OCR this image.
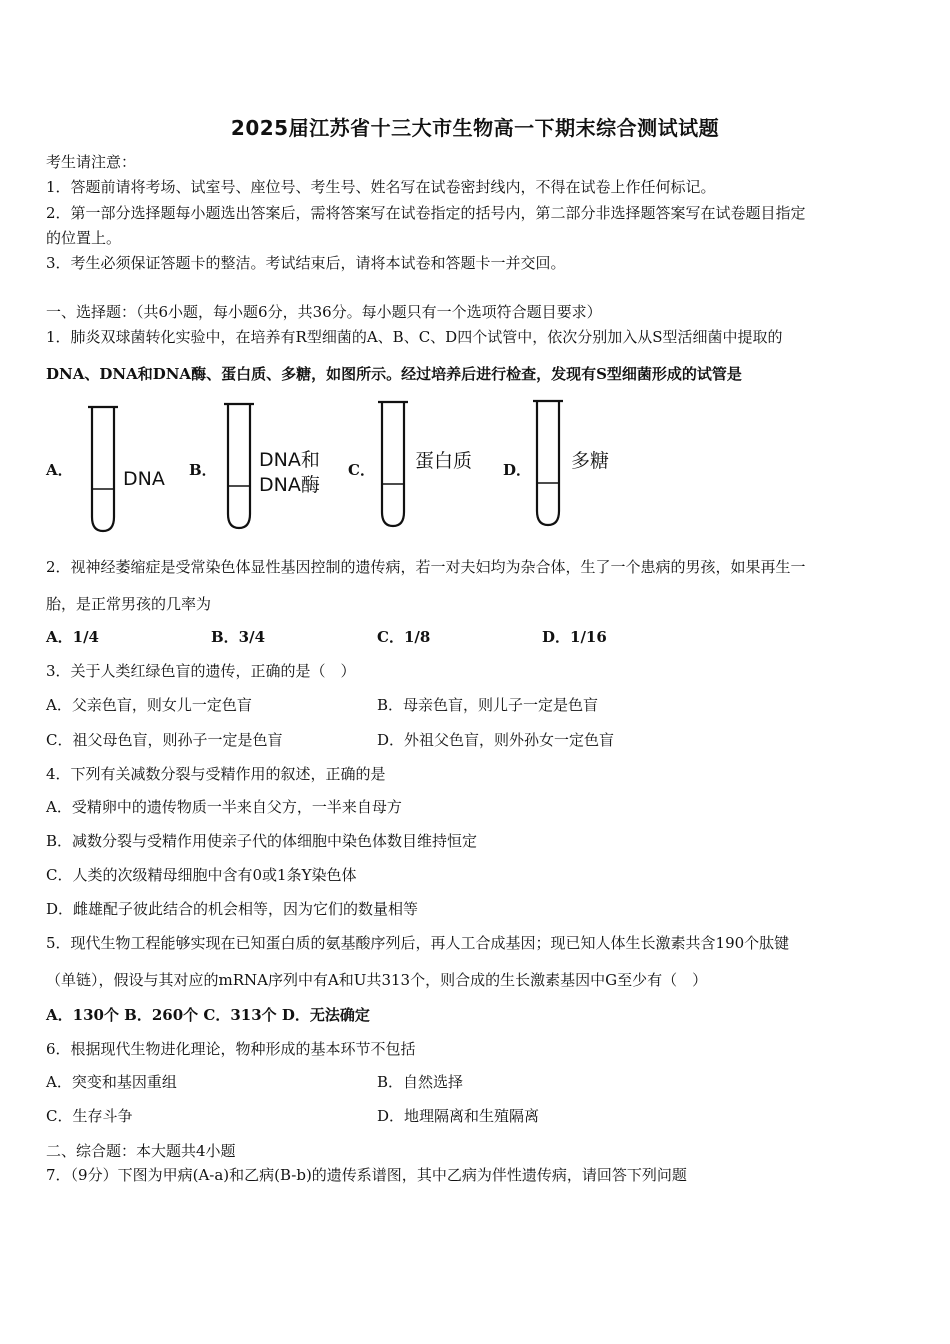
2025届江苏省十三大市生物高一下期末综合测试试题
考生请注意：
1．答题前请将考场、试室号、座位号、考生号、姓名写在试卷密封线内，不得在试卷上作任何标记。
2．第一部分选择题每小题选出答案后，需将答案写在试卷指定的括号内，第二部分非选择题答案写在试卷题目指定
的位置上。
3．考生必须保证答题卡的整洁。考试结束后，请将本试卷和答题卡一并交回。
一、选择题：（共6小题，每小题6分，共36分。每小题只有一个选项符合题目要求）
1．肺炎双球菌转化实验中，在培养有R型细菌的A、B、C、D四个试管中，依次分别加入从S型活细菌中提取的
DNA、DNA和DNA酶、蛋白质、多糖，如图所示。经过培养后进行检查，发现有S型细菌形成的试管是
A．	DNA B． DNA和
DNA酶
C． 蛋白质 D． 多糖
2．视神经萎缩症是受常染色体显性基因控制的遗传病，若一对夫妇均为杂合体，生了一个患病的男孩，如果再生一
胎，是正常男孩的几率为
A．1/4	B．3/4	C．1/8	D．1/16
3．关于人类红绿色盲的遗传，正确的是（　）
A．父亲色盲，则女儿一定色盲	B．母亲色盲，则儿子一定是色盲
C．祖父母色盲，则孙子一定是色盲	D．外祖父色盲，则外孙女一定色盲
4．下列有关减数分裂与受精作用的叙述，正确的是
A．受精卵中的遗传物质一半来自父方，一半来自母方
B．减数分裂与受精作用使亲子代的体细胞中染色体数目维持恒定
C．人类的次级精母细胞中含有0或1条Y染色体
D．雌雄配子彼此结合的机会相等，因为它们的数量相等
5．现代生物工程能够实现在已知蛋白质的氨基酸序列后，再人工合成基因；现已知人体生长激素共含190个肽键
（单链），假设与其对应的mRNA序列中有A和U共313个，则合成的生长激素基因中G至少有（　）
A．130个 B．260个 C．313个 D．无法确定
6．根据现代生物进化理论，物种形成的基本环节不包括
A．突变和基因重组	B．自然选择
C．生存斗争	D．地理隔离和生殖隔离
二、综合题：本大题共4小题
7．（9分）下图为甲病(A-a)和乙病(B-b)的遗传系谱图，其中乙病为伴性遗传病，请回答下列问题
